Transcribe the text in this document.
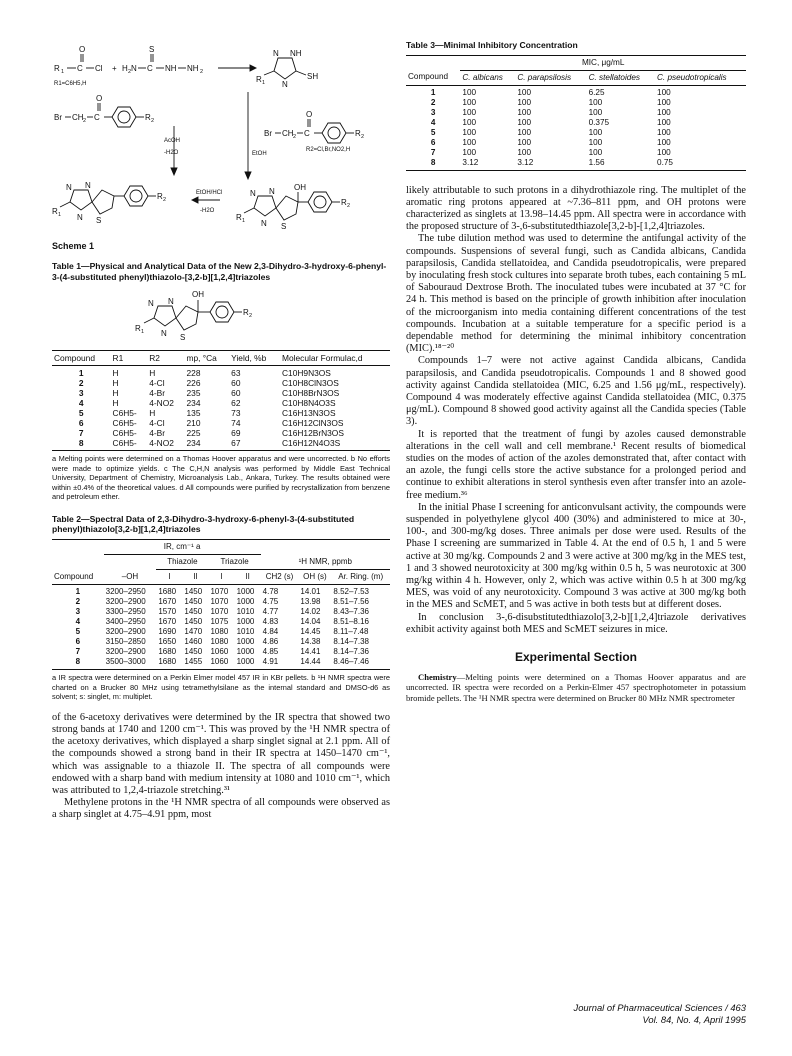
R 1 C
O
Cl + H 2 N C
S
NH NH 2
N NH
N
SH
R 1
Br CH 2 C
O
R 2
Br CH 2 C
O
R 2
N N
N S
R 1
R 2
N N
N S
R 1
OH
R 2
R1=C6H5,H
AcOH
-H2O	EtOH
R2=Cl,Br,NO2,H
EtOH/HCl
-H2O
Scheme 1
Table 1—Physical and Analytical Data of the New 2,3-Dihydro-3-hydroxy-6-phenyl-3-(4-substituted phenyl)thiazolo-[3,2-b][1,2,4]triazoles
OH
N N
N S
R 1
R 2
Compound	R1	R2	mp, °Ca	Yield, %b	Molecular Formulac,d
1	H	H	228	63	C10H9N3OS
2	H	4-Cl	226	60	C10H8ClN3OS
3	H	4-Br	235	60	C10H8BrN3OS
4	H	4-NO2	234	62	C10H8N4O3S
5	C6H5-	H	135	73	C16H13N3OS
6	C6H5-	4-Cl	210	74	C16H12ClN3OS
7	C6H5-	4-Br	225	69	C16H12BrN3OS
8	C6H5-	4-NO2	234	67	C16H12N4O3S

a Melting points were determined on a Thomas Hoover apparatus and were uncorrected. b No efforts were made to optimize yields. c The C,H,N analysis was performed by Middle East Technical University, Department of Chemistry, Microanalysis Lab., Ankara, Turkey. The results obtained were within ±0.4% of the theoretical values. d All compounds were purified by recrystallization from benzene and petroleum ether.

Table 2—Spectral Data of 2,3-Dihydro-3-hydroxy-6-phenyl-3-(4-substituted phenyl)thiazolo[3,2-b][1,2,4]triazoles
	IR, cm⁻¹ a							
		Thiazole		Triazole		¹H NMR, ppmb		
Compound	–OH	I	II	I	II	CH2 (s)	OH (s)	Ar. Ring. (m)
1	3200–2950	1680	1450	1070	1000	4.78	14.01	8.52–7.53
2	3200–2900	1670	1450	1070	1000	4.75	13.98	8.51–7.56
3	3300–2950	1570	1450	1070	1010	4.77	14.02	8.43–7.36
4	3400–2950	1670	1450	1075	1000	4.83	14.04	8.51–8.16
5	3200–2900	1690	1470	1080	1010	4.84	14.45	8.11–7.48
6	3150–2850	1650	1460	1080	1000	4.86	14.38	8.14–7.38
7	3200–2900	1680	1450	1060	1000	4.85	14.41	8.14–7.36
8	3500–3000	1680	1455	1060	1000	4.91	14.44	8.46–7.46

a IR spectra were determined on a Perkin Elmer model 457 IR in KBr pellets. b ¹H NMR spectra were charted on a Brucker 80 MHz using tetramethylsilane as the internal standard and DMSO-d6 as solvent; s: singlet, m: multiplet.

of the 6-acetoxy derivatives were determined by the IR spectra that showed two strong bands at 1740 and 1200 cm⁻¹. This was proved by the ¹H NMR spectra of the acetoxy derivatives, which displayed a sharp singlet signal at 2.1 ppm. All of the compounds showed a strong band in their IR spectra at 1450–1470 cm⁻¹, which was assignable to a thiazole II. The spectra of all compounds were endowed with a sharp band with medium intensity at 1080 and 1010 cm⁻¹, which was attributed to 1,2,4-triazole stretching.³¹

Methylene protons in the ¹H NMR spectra of all compounds were observed as a sharp singlet at 4.75–4.91 ppm, most

Table 3—Minimal Inhibitory Concentration
	MIC, μg/mL			
Compound	C. albicans	C. parapsilosis	C. stellatoides	C. pseudotropicalis
1	100	100	6.25	100
2	100	100	100	100
3	100	100	100	100
4	100	100	0.375	100
5	100	100	100	100
6	100	100	100	100
7	100	100	100	100
8	3.12	3.12	1.56	0.75

likely attributable to such protons in a dihydrothiazole ring. The multiplet of the aromatic ring protons appeared at ~7.36–811 ppm, and OH protons were characterized as singlets at 13.98–14.45 ppm. All spectra were in accordance with the proposed structure of 3-,6-substitutedthiazole[3,2-b]-[1,2,4]triazoles.

The tube dilution method was used to determine the antifungal activity of the compounds. Suspensions of several fungi, such as Candida albicans, Candida parapsilosis, Candida stellatoidea, and Candida pseudotropicalis, were prepared by inoculating fresh stock cultures into separate broth tubes, each containing 5 mL of Sabouraud Dextrose Broth. The inoculated tubes were incubated at 37 °C for 24 h. This method is based on the principle of growth inhibition after inoculation of the microorganism into media containing different concentrations of the test compounds. Incubation at a suitable temperature for a specific period is a dependable method for determining the minimal inhibitory concentration (MIC).¹⁸⁻²⁰

Compounds 1–7 were not active against Candida albicans, Candida parapsilosis, and Candida pseudotropicalis. Compounds 1 and 8 showed good activity against Candida stellatoidea (MIC, 6.25 and 1.56 μg/mL, respectively). Compound 4 was moderately effective against Candida stellatoidea (MIC, 0.375 μg/mL). Compound 8 showed good activity against all the Candida species (Table 3).

It is reported that the treatment of fungi by azoles caused demonstrable alterations in the cell wall and cell membrane.¹ Recent results of biomedical studies on the modes of action of the azoles demonstrated that, after contact with an azole, the fungi cells store the active substance for a prolonged period and continue to exhibit alterations in sterol synthesis even after transfer into an azole-free medium.³⁶

In the initial Phase I screening for anticonvulsant activity, the compounds were suspended in polyethylene glycol 400 (30%) and administered to mice at 30-, 100-, and 300-mg/kg doses. Three animals per dose were used. Results of the Phase I screening are summarized in Table 4. At the end of 0.5 h, 1 and 5 were active at 30 mg/kg. Compounds 2 and 3 were active at 300 mg/kg in the MES test, 1 and 3 showed neurotoxicity at 300 mg/kg within 0.5 h, 5 was neurotoxic at 300 mg/kg within 4 h. However, only 2, which was active within 0.5 h at 300 mg/kg MES, was void of any neurotoxicity. Compound 3 was active at 300 mg/kg both in the MES and ScMET, and 5 was active in both tests but at different doses.

In conclusion 3-,6-disubstitutedthiazolo[3,2-b][1,2,4]triazole derivatives exhibit activity against both MES and ScMET seizures in mice.

Experimental Section

Chemistry—Melting points were determined on a Thomas Hoover apparatus and are uncorrected. IR spectra were recorded on a Perkin-Elmer 457 spectrophotometer in potassium bromide pellets. The ¹H NMR spectra were determined on Brucker 80 MHz NMR spectrometer

Journal of Pharmaceutical Sciences / 463
Vol. 84, No. 4, April 1995
